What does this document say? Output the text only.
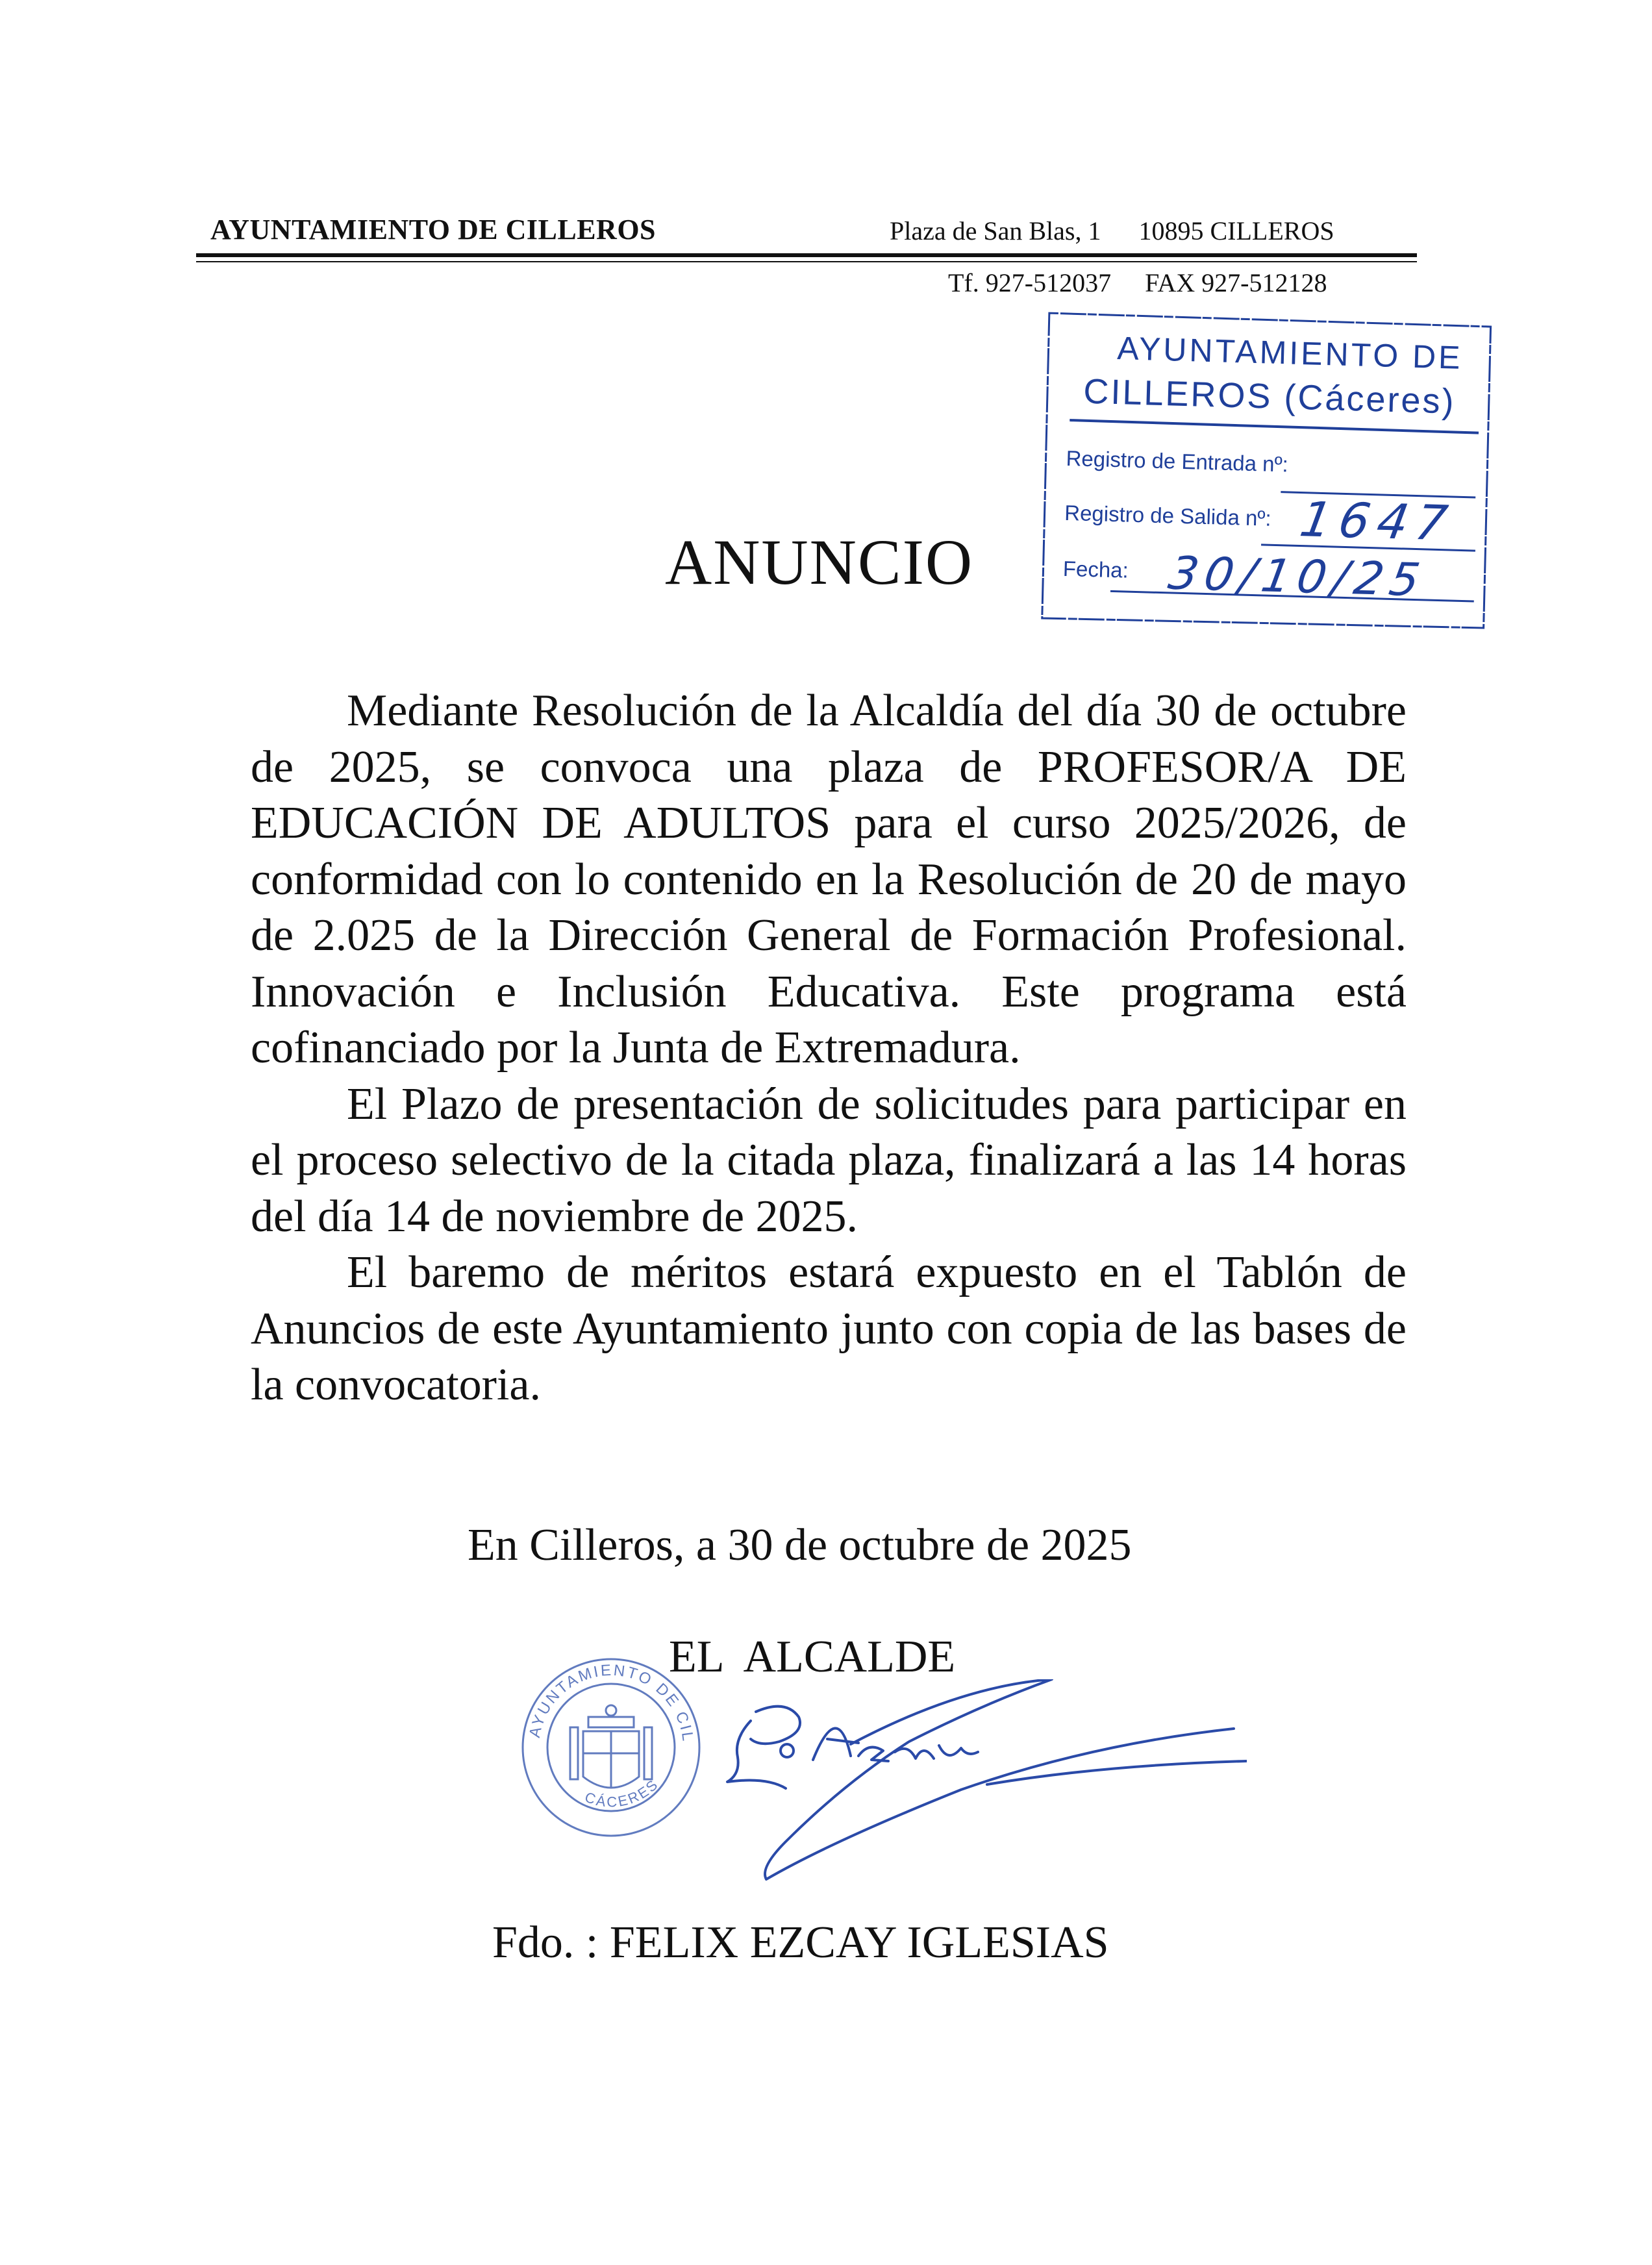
AYUNTAMIENTO DE CILLEROS	Plaza de San Blas, 1 10895 CILLEROS
Tf. 927-512037 FAX 927-512128
AYUNTAMIENTO DE
CILLEROS (Cáceres)
Registro de Entrada nº:
Registro de Salida nº: 1647
Fecha: 30/10/25
ANUNCIO

Mediante Resolución de la Alcaldía del día 30 de octubre de 2025, se convoca una plaza de PROFESOR/A DE EDUCACIÓN DE ADULTOS para el curso 2025/2026, de conformidad con lo contenido en la Resolución de 20 de mayo de 2.025 de la Dirección General de Formación Profesional. Innovación e Inclusión Educativa. Este programa está cofinanciado por la Junta de Extremadura.

El Plazo de presentación de solicitudes para participar en el proceso selectivo de la citada plaza, finalizará a las 14 horas del día 14 de noviembre de 2025.

El baremo de méritos estará expuesto en el Tablón de Anuncios de este Ayuntamiento junto con copia de las bases de la convocatoria.

En Cilleros, a 30 de octubre de 2025
EL ALCALDE
AYUNTAMIENTO DE CIL
CÁCERES
Fdo. : FELIX EZCAY IGLESIAS
